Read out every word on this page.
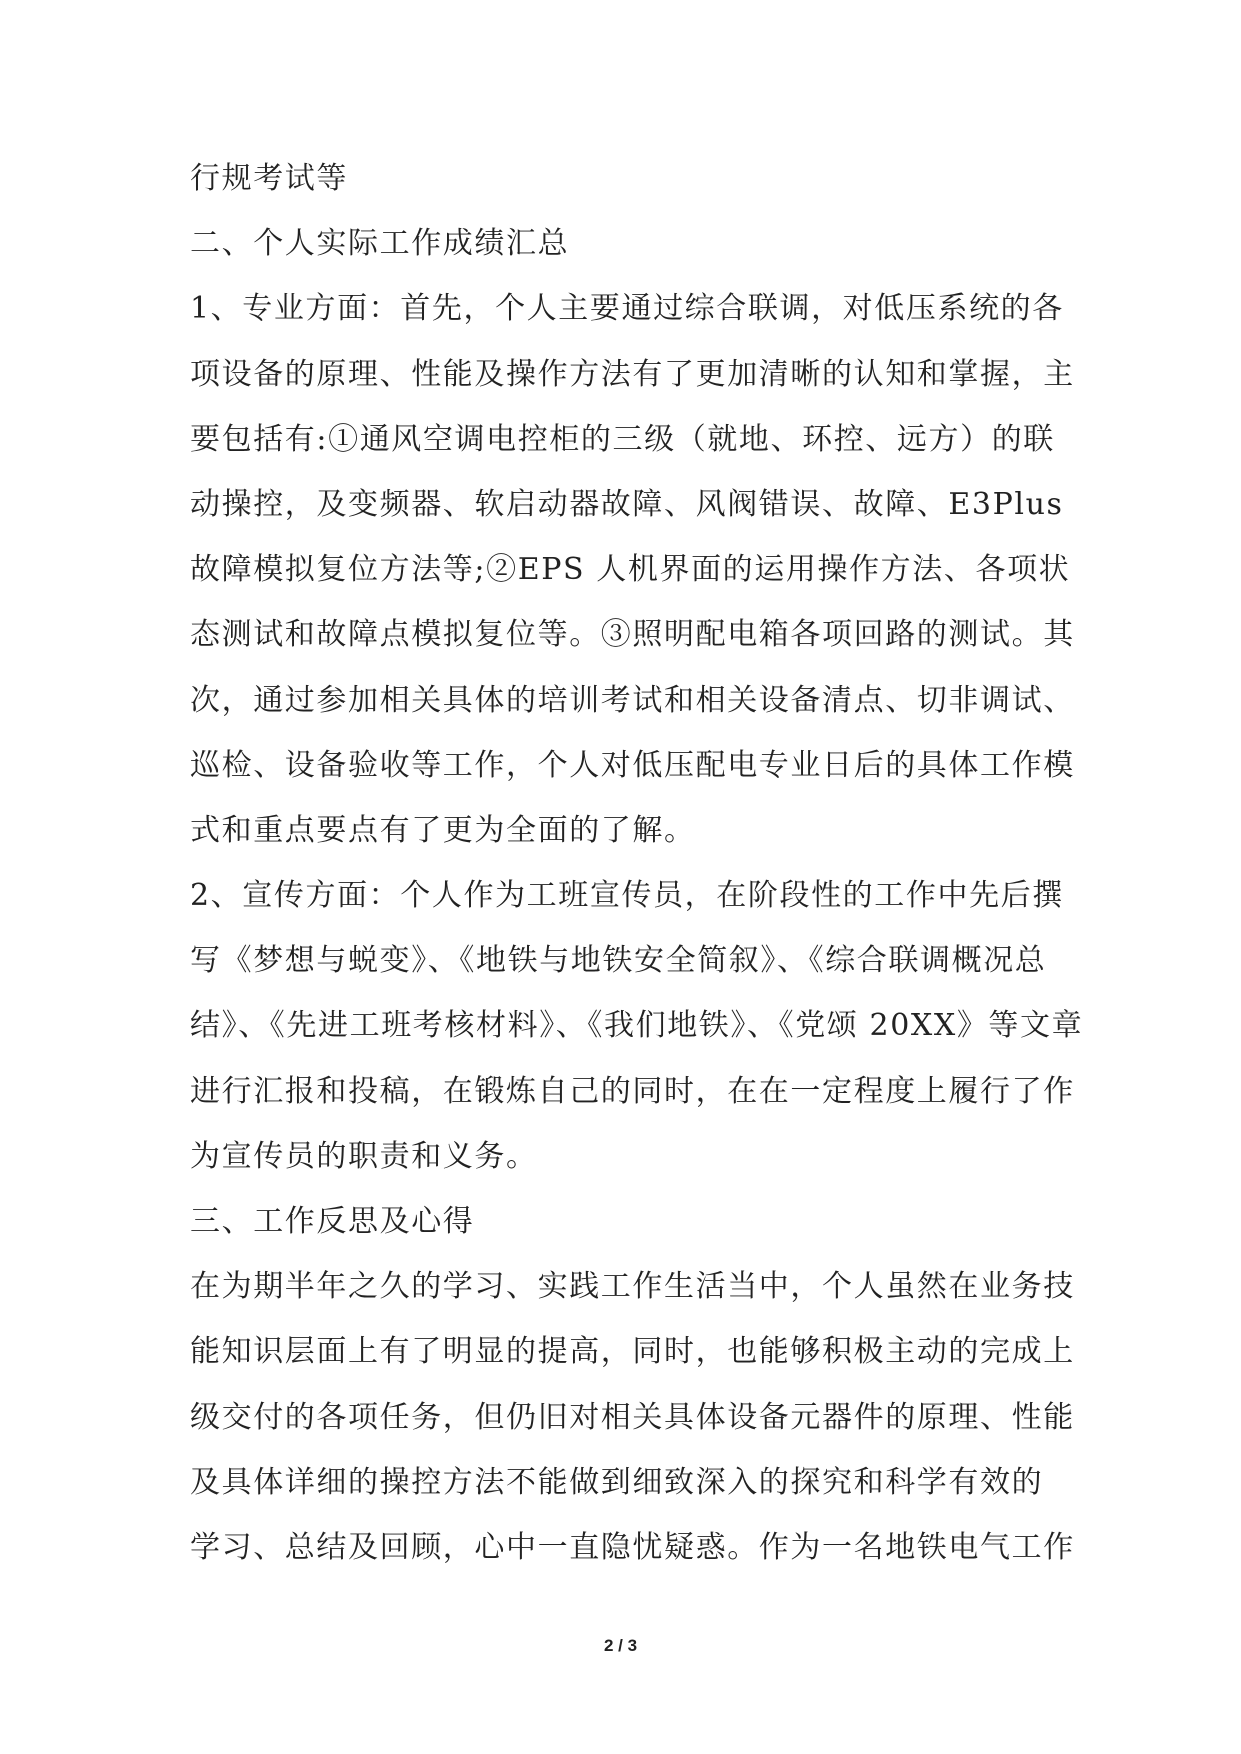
行规考试等
二、个人实际工作成绩汇总
1、专业方面：首先，个人主要通过综合联调，对低压系统的各
项设备的原理、性能及操作方法有了更加清晰的认知和掌握，主
要包括有:①通风空调电控柜的三级（就地、环控、远方）的联
动操控，及变频器、软启动器故障、风阀错误、故障、E3Plus
故障模拟复位方法等;②EPS 人机界面的运用操作方法、各项状
态测试和故障点模拟复位等。③照明配电箱各项回路的测试。其
次，通过参加相关具体的培训考试和相关设备清点、切非调试、
巡检、设备验收等工作，个人对低压配电专业日后的具体工作模
式和重点要点有了更为全面的了解。
2、宣传方面：个人作为工班宣传员，在阶段性的工作中先后撰
写《梦想与蜕变》、《地铁与地铁安全简叙》、《综合联调概况总
结》、《先进工班考核材料》、《我们地铁》、《党颂 20XX》等文章
进行汇报和投稿，在锻炼自己的同时，在在一定程度上履行了作
为宣传员的职责和义务。
三、工作反思及心得
在为期半年之久的学习、实践工作生活当中，个人虽然在业务技
能知识层面上有了明显的提高，同时，也能够积极主动的完成上
级交付的各项任务，但仍旧对相关具体设备元器件的原理、性能
及具体详细的操控方法不能做到细致深入的探究和科学有效的
学习、总结及回顾，心中一直隐忧疑惑。作为一名地铁电气工作
2 / 3
